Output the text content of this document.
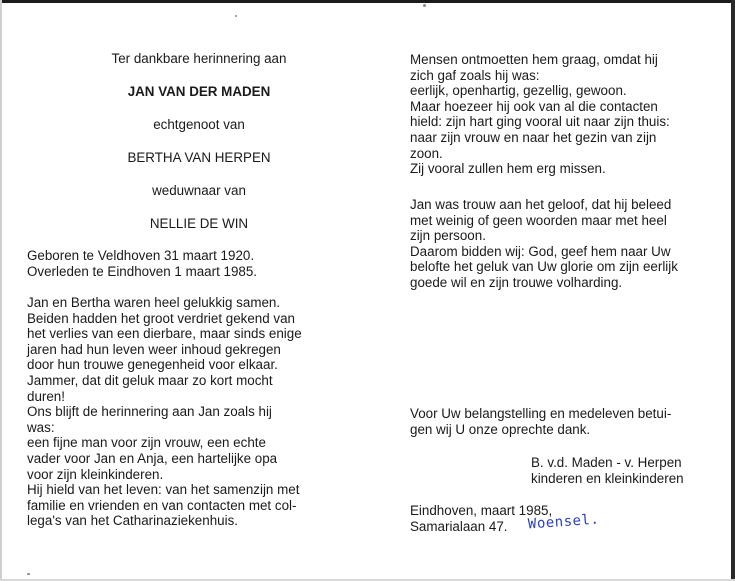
Ter dankbare herinnering aan
JAN VAN DER MADEN
echtgenoot van
BERTHA VAN HERPEN
weduwnaar van
NELLIE DE WIN
Geboren te Veldhoven 31 maart 1920.
Overleden te Eindhoven 1 maart 1985.
Jan en Bertha waren heel gelukkig samen.
Beiden hadden het groot verdriet gekend van
het verlies van een dierbare, maar sinds enige
jaren had hun leven weer inhoud gekregen
door hun trouwe genegenheid voor elkaar.
Jammer, dat dit geluk maar zo kort mocht
duren!
Ons blijft de herinnering aan Jan zoals hij
was:
een fijne man voor zijn vrouw, een echte
vader voor Jan en Anja, een hartelijke opa
voor zijn kleinkinderen.
Hij hield van het leven: van het samenzijn met
familie en vrienden en van contacten met col-
lega's van het Catharinaziekenhuis.
Mensen ontmoetten hem graag, omdat hij
zich gaf zoals hij was:
eerlijk, openhartig, gezellig, gewoon.
Maar hoezeer hij ook van al die contacten
hield: zijn hart ging vooral uit naar zijn thuis:
naar zijn vrouw en naar het gezin van zijn
zoon.
Zij vooral zullen hem erg missen.
Jan was trouw aan het geloof, dat hij beleed
met weinig of geen woorden maar met heel
zijn persoon.
Daarom bidden wij: God, geef hem naar Uw
belofte het geluk van Uw glorie om zijn eerlijk
goede wil en zijn trouwe volharding.
Voor Uw belangstelling en medeleven betui-
gen wij U onze oprechte dank.
B. v.d. Maden - v. Herpen
kinderen en kleinkinderen
Eindhoven, maart 1985,
Samarialaan 47. Woensel.
